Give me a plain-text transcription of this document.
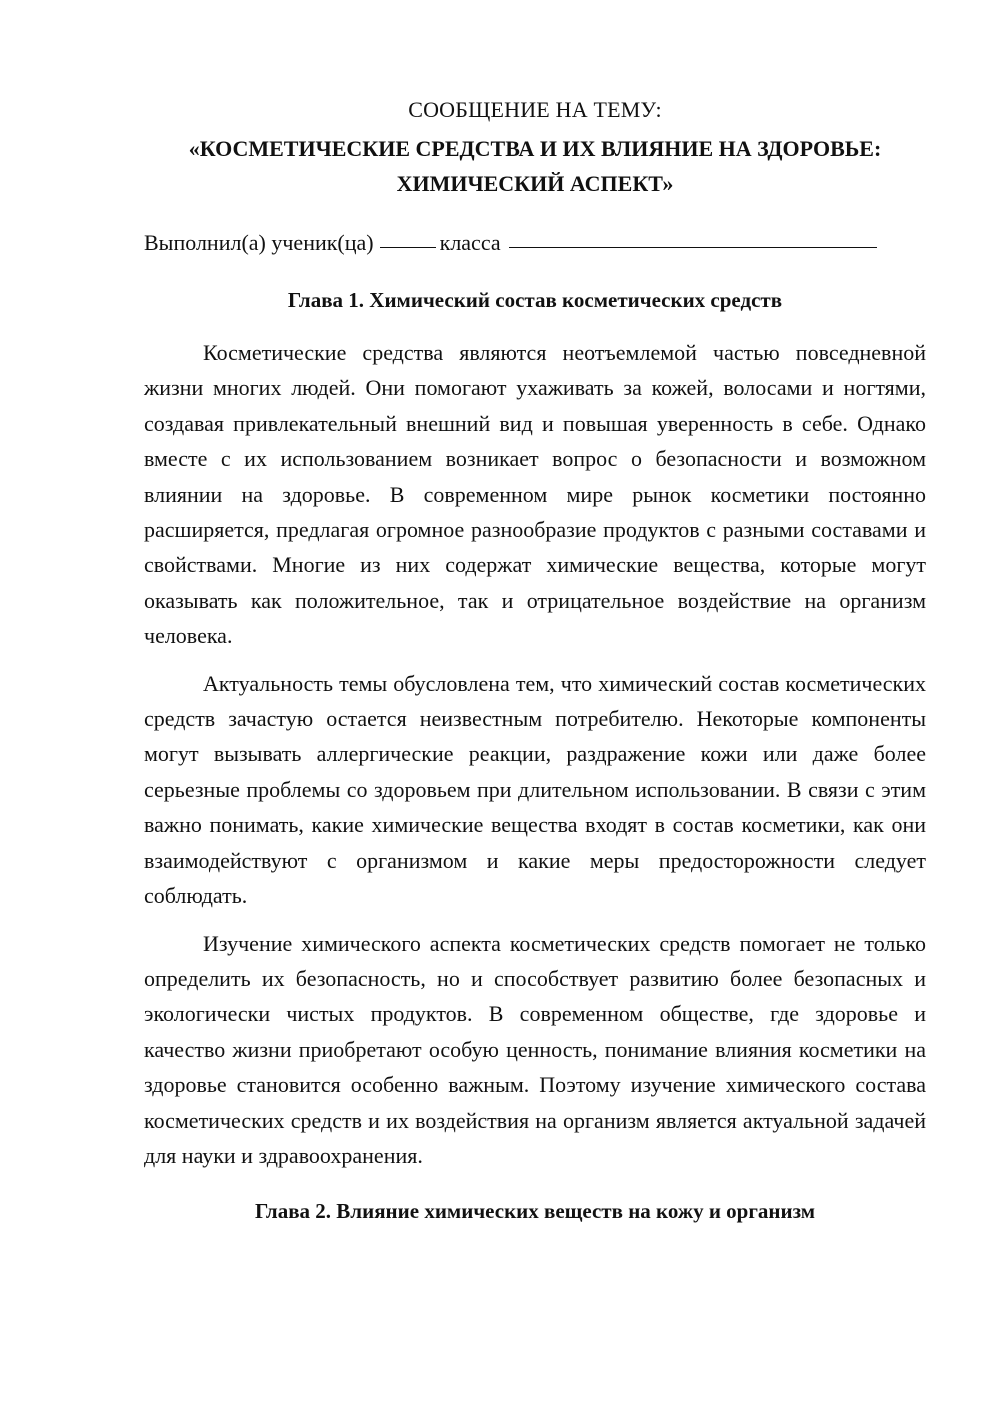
СООБЩЕНИЕ НА ТЕМУ:

«КОСМЕТИЧЕСКИЕ СРЕДСТВА И ИХ ВЛИЯНИЕ НА ЗДОРОВЬЕ:
ХИМИЧЕСКИЙ АСПЕКТ»

Выполнил(а) ученик(ца)	класса

Глава 1. Химический состав косметических средств

Косметические средства являются неотъемлемой частью повседневной жизни многих людей. Они помогают ухаживать за кожей, волосами и ногтями, создавая привлекательный внешний вид и повышая уверенность в себе. Однако вместе с их использованием возникает вопрос о безопасности и возможном влиянии на здоровье. В современном мире рынок косметики постоянно расширяется, предлагая огромное разнообразие продуктов с разными составами и свойствами. Многие из них содержат химические вещества, которые могут оказывать как положительное, так и отрицательное воздействие на организм человека.

Актуальность темы обусловлена тем, что химический состав косметических средств зачастую остается неизвестным потребителю. Некоторые компоненты могут вызывать аллергические реакции, раздражение кожи или даже более серьезные проблемы со здоровьем при длительном использовании. В связи с этим важно понимать, какие химические вещества входят в состав косметики, как они взаимодействуют с организмом и какие меры предосторожности следует соблюдать.

Изучение химического аспекта косметических средств помогает не только определить их безопасность, но и способствует развитию более безопасных и экологически чистых продуктов. В современном обществе, где здоровье и качество жизни приобретают особую ценность, понимание влияния косметики на здоровье становится особенно важным. Поэтому изучение химического состава косметических средств и их воздействия на организм является актуальной задачей для науки и здравоохранения.

Глава 2. Влияние химических веществ на кожу и организм
